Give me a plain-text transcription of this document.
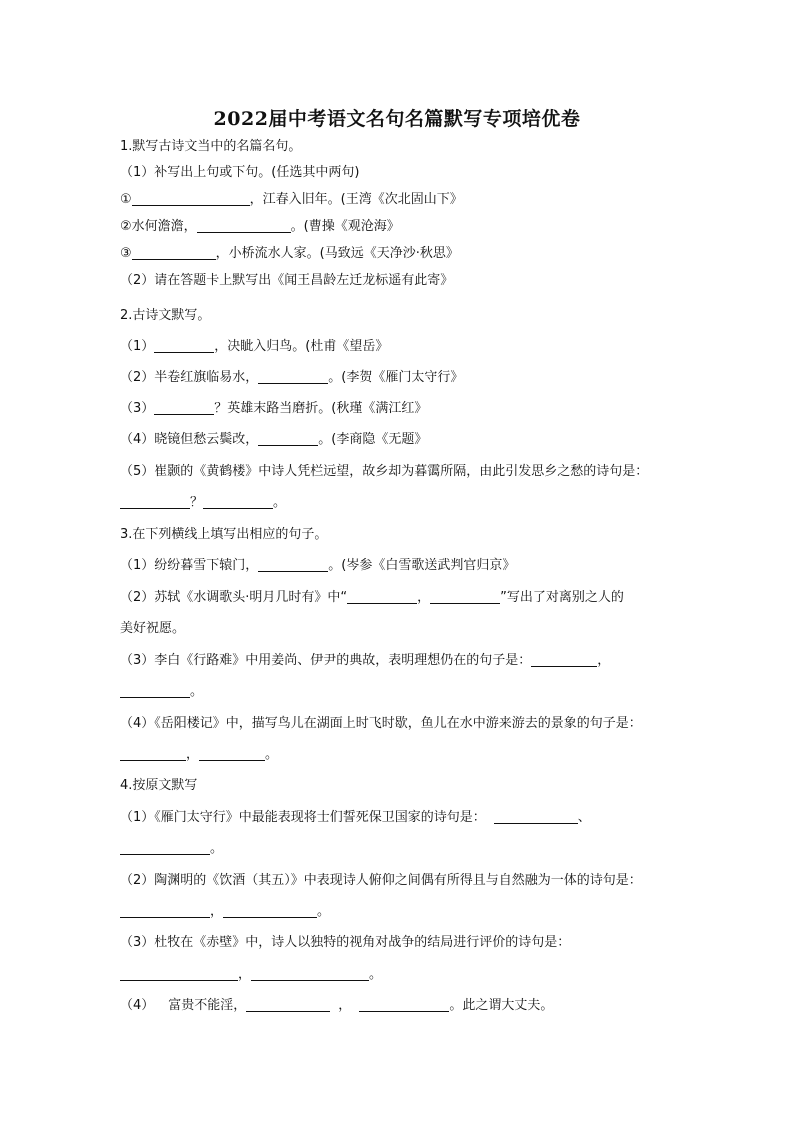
2022届中考语文名句名篇默写专项培优卷
1.默写古诗文当中的名篇名句。
（1）补写出上句或下句。(任选其中两句)
①	，江春入旧年。(王湾《次北固山下》
②水何澹澹，	。(曹操《观沧海》
③	，小桥流水人家。(马致远《天净沙·秋思》
（2）请在答题卡上默写出《闻王昌龄左迁龙标遥有此寄》
2.古诗文默写。
（1）	，决眦入归鸟。(杜甫《望岳》
（2）半卷红旗临易水，	。(李贺《雁门太守行》
（3）	？英雄末路当磨折。(秋瑾《满江红》
（4）晓镜但愁云鬓改，	。(李商隐《无题》
（5）崔颢的《黄鹤楼》中诗人凭栏远望，故乡却为暮霭所隔，由此引发思乡之愁的诗句是：
？	。
3.在下列横线上填写出相应的句子。
（1）纷纷暮雪下辕门，	。(岑参《白雪歌送武判官归京》
（2）苏轼《水调歌头·明月几时有》中“	，	”写出了对离别之人的
美好祝愿。
（3）李白《行路难》中用姜尚、伊尹的典故，表明理想仍在的句子是：	，
。
（4）《岳阳楼记》中，描写鸟儿在湖面上时飞时歇，鱼儿在水中游来游去的景象的句子是：
，	。
4.按原文默写
（1）《雁门太守行》中最能表现将士们誓死保卫国家的诗句是：	、
。
（2）陶渊明的《饮酒（其五）》中表现诗人俯仰之间偶有所得且与自然融为一体的诗句是：
，	。
（3）杜牧在《赤壁》中，诗人以独特的视角对战争的结局进行评价的诗句是：
，	。
（4） 富贵不能淫，	，	。此之谓大丈夫。
